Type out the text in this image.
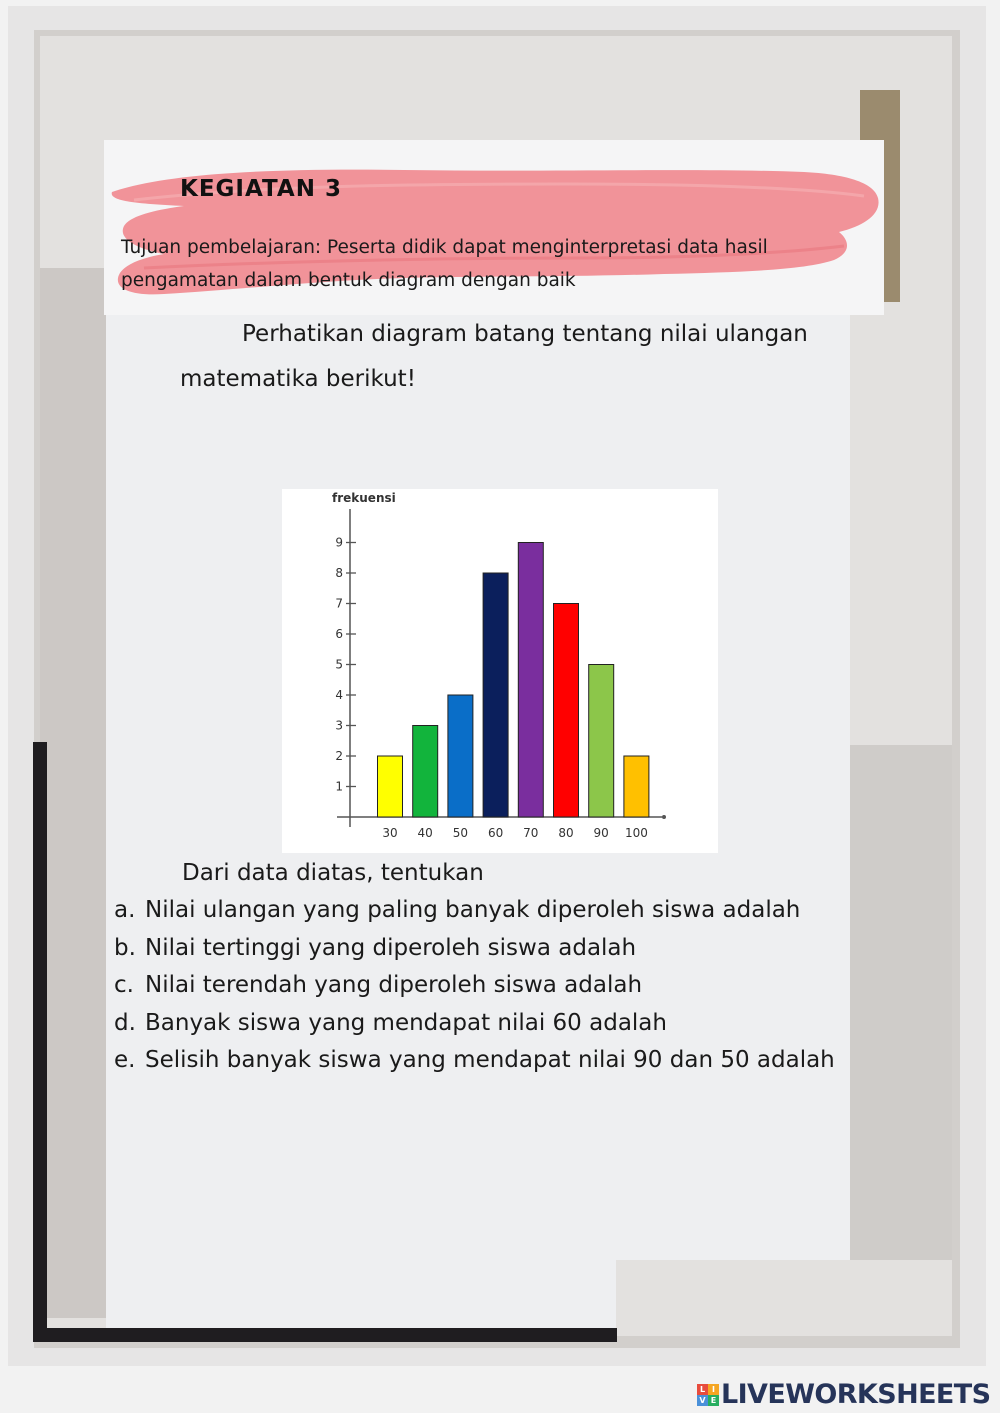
KEGIATAN 3
Tujuan pembelajaran: Peserta didik dapat menginterpretasi data hasil pengamatan dalam bentuk diagram dengan baik
Perhatikan diagram batang tentang nilai ulangan matematika berikut!
frekuensi
1
2
3
4
5
6
7
8
9
30 40 50 60 70 80 90 100
Dari data diatas, tentukan
a. Nilai ulangan yang paling banyak diperoleh siswa adalah
b. Nilai tertinggi yang diperoleh siswa adalah
c. Nilai terendah yang diperoleh siswa adalah
d. Banyak siswa yang mendapat nilai 60 adalah
e. Selisih banyak siswa yang mendapat nilai 90 dan 50 adalah
L I
V E LIVEWORKSHEETS
